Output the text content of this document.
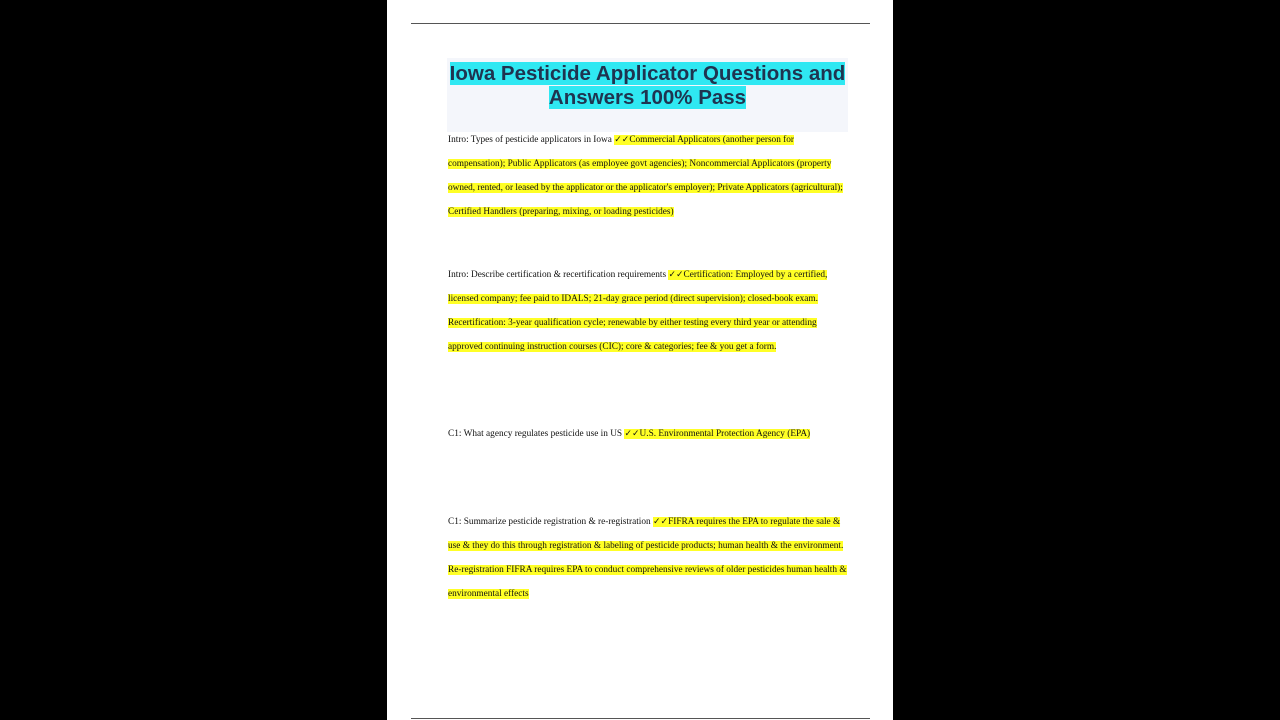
Iowa Pesticide Applicator Questions and Answers 100% Pass

Intro: Types of pesticide applicators in Iowa ✓✓Commercial Applicators (another person for compensation); Public Applicators (as employee govt agencies); Noncommercial Applicators (property owned, rented, or leased by the applicator or the applicator's employer); Private Applicators (agricultural); Certified Handlers (preparing, mixing, or loading pesticides)

Intro: Describe certification & recertification requirements ✓✓Certification: Employed by a certified, licensed company; fee paid to IDALS; 21-day grace period (direct supervision); closed-book exam. Recertification: 3-year qualification cycle; renewable by either testing every third year or attending approved continuing instruction courses (CIC); core & categories; fee & you get a form.

C1: What agency regulates pesticide use in US ✓✓U.S. Environmental Protection Agency (EPA)

C1: Summarize pesticide registration & re-registration ✓✓FIFRA requires the EPA to regulate the sale & use & they do this through registration & labeling of pesticide products; human health & the environment. Re-registration FIFRA requires EPA to conduct comprehensive reviews of older pesticides human health & environmental effects
